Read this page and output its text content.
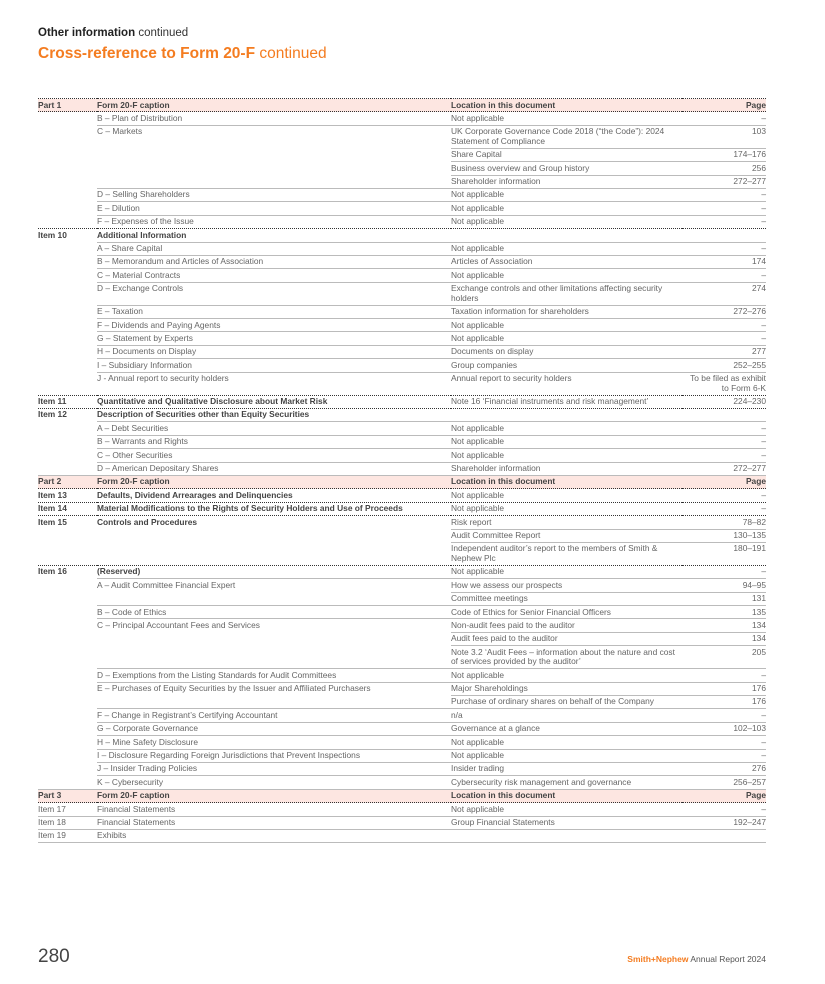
Other information continued
Cross-reference to Form 20-F continued
Part 1	Form 20-F caption	Location in this document	Page
	B – Plan of Distribution	Not applicable	–
	C – Markets	UK Corporate Governance Code 2018 (“the Code”): 2024 Statement of Compliance	103
		Share Capital	174–176
		Business overview and Group history	256
		Shareholder information	272–277
	D – Selling Shareholders	Not applicable	–
	E – Dilution	Not applicable	–
	F – Expenses of the Issue	Not applicable	–
Item 10	Additional Information		
	A – Share Capital	Not applicable	–
	B – Memorandum and Articles of Association	Articles of Association	174
	C – Material Contracts	Not applicable	–
	D – Exchange Controls	Exchange controls and other limitations affecting security holders	274
	E – Taxation	Taxation information for shareholders	272–276
	F – Dividends and Paying Agents	Not applicable	–
	G – Statement by Experts	Not applicable	–
	H – Documents on Display	Documents on display	277
	I – Subsidiary Information	Group companies	252–255
	J - Annual report to security holders	Annual report to security holders	To be filed as exhibit to Form 6-K
Item 11	Quantitative and Qualitative Disclosure about Market Risk	Note 16 ‘Financial instruments and risk management’	224–230
Item 12	Description of Securities other than Equity Securities		
	A – Debt Securities	Not applicable	–
	B – Warrants and Rights	Not applicable	–
	C – Other Securities	Not applicable	–
	D – American Depositary Shares	Shareholder information	272–277
Part 2	Form 20-F caption	Location in this document	Page
Item 13	Defaults, Dividend Arrearages and Delinquencies	Not applicable	–
Item 14	Material Modifications to the Rights of Security Holders and Use of Proceeds	Not applicable	–
Item 15	Controls and Procedures	Risk report	78–82
		Audit Committee Report	130–135
		Independent auditor’s report to the members of Smith & Nephew Plc	180–191
Item 16	(Reserved)	Not applicable	–
	A – Audit Committee Financial Expert	How we assess our prospects	94–95
		Committee meetings	131
	B – Code of Ethics	Code of Ethics for Senior Financial Officers	135
	C – Principal Accountant Fees and Services	Non-audit fees paid to the auditor	134
		Audit fees paid to the auditor	134
		Note 3.2 ‘Audit Fees – information about the nature and cost of services provided by the auditor’	205
	D – Exemptions from the Listing Standards for Audit Committees	Not applicable	–
	E – Purchases of Equity Securities by the Issuer and Affiliated Purchasers	Major Shareholdings	176
		Purchase of ordinary shares on behalf of the Company	176
	F – Change in Registrant’s Certifying Accountant	n/a	–
	G – Corporate Governance	Governance at a glance	102–103
	H – Mine Safety Disclosure	Not applicable	–
	I – Disclosure Regarding Foreign Jurisdictions that Prevent Inspections	Not applicable	–
	J – Insider Trading Policies	Insider trading	276
	K – Cybersecurity	Cybersecurity risk management and governance	256–257
Part 3	Form 20-F caption	Location in this document	Page
Item 17	Financial Statements	Not applicable	–
Item 18	Financial Statements	Group Financial Statements	192–247
Item 19	Exhibits		
280	Smith+Nephew Annual Report 2024
